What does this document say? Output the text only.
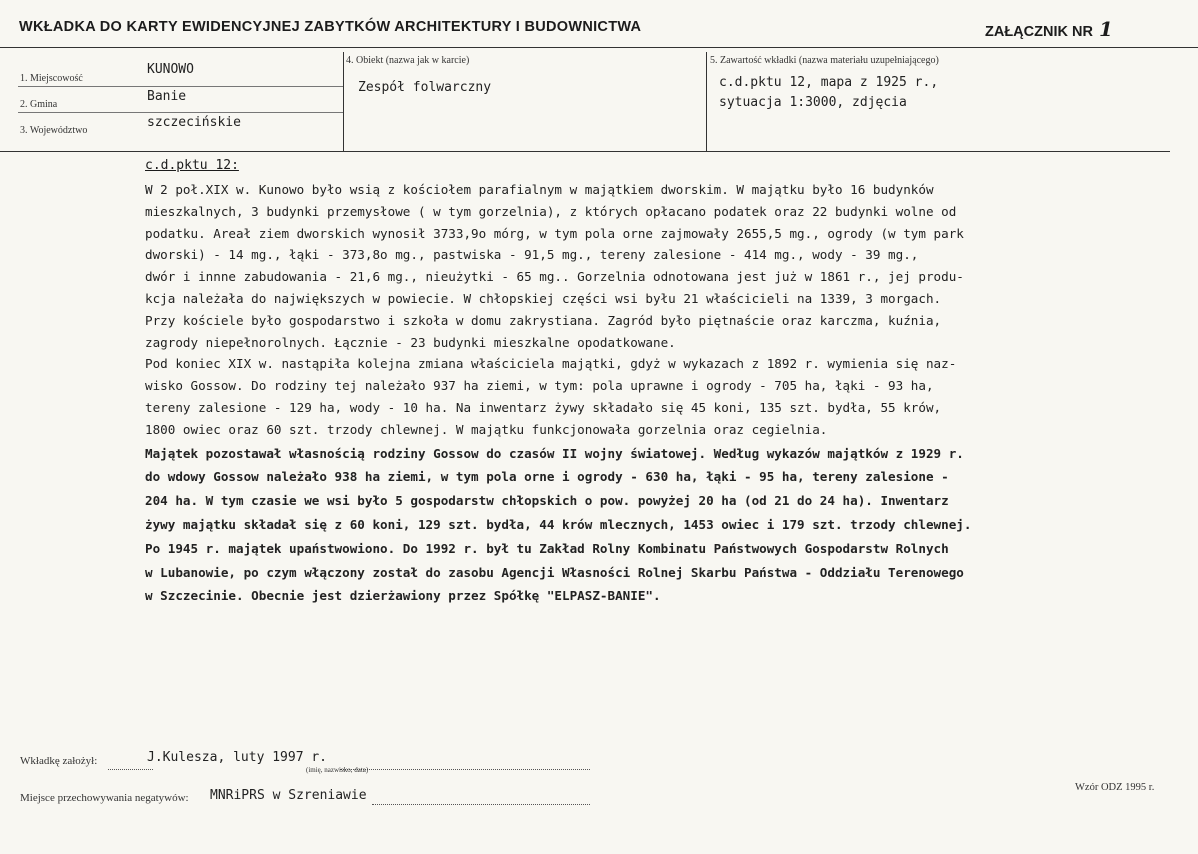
WKŁADKA DO KARTY EWIDENCYJNEJ ZABYTKÓW ARCHITEKTURY I BUDOWNICTWA	ZAŁĄCZNIK NR 1
1. Miejscowość
KUNOWO
2. Gmina
Banie
3. Województwo
szczecińskie
4. Obiekt (nazwa jak w karcie)
Zespół folwarczny
5. Zawartość wkładki (nazwa materiału uzupełniającego)
c.d.pktu 12, mapa z 1925 r.,
sytuacja 1:3000, zdjęcia
c.d.pktu 12:
W 2 poł.XIX w. Kunowo było wsią z kościołem parafialnym w majątkiem dworskim. W majątku było 16 budynków
mieszkalnych, 3 budynki przemysłowe ( w tym gorzelnia), z których opłacano podatek oraz 22 budynki wolne od
podatku. Areał ziem dworskich wynosił 3733,9o mórg, w tym pola orne zajmowały 2655,5 mg., ogrody (w tym park
dworski) - 14 mg., łąki - 373,8o mg., pastwiska - 91,5 mg., tereny zalesione - 414 mg., wody - 39 mg.,
dwór i innne zabudowania - 21,6 mg., nieużytki - 65 mg.. Gorzelnia odnotowana jest już w 1861 r., jej produ-
kcja należała do największych w powiecie. W chłopskiej części wsi byłu 21 właścicieli na 1339, 3 morgach.
Przy kościele było gospodarstwo i szkoła w domu zakrystiana. Zagród było piętnaście oraz karczma, kuźnia,
zagrody niepełnorolnych. Łącznie - 23 budynki mieszkalne opodatkowane.
Pod koniec XIX w. nastąpiła kolejna zmiana właściciela majątki, gdyż w wykazach z 1892 r. wymienia się naz-
wisko Gossow. Do rodziny tej należało 937 ha ziemi, w tym: pola uprawne i ogrody - 705 ha, łąki - 93 ha,
tereny zalesione - 129 ha, wody - 10 ha. Na inwentarz żywy składało się 45 koni, 135 szt. bydła, 55 krów,
1800 owiec oraz 60 szt. trzody chlewnej. W majątku funkcjonowała gorzelnia oraz cegielnia.
Majątek pozostawał własnością rodziny Gossow do czasów II wojny światowej. Według wykazów majątków z 1929 r.
do wdowy Gossow należało 938 ha ziemi, w tym pola orne i ogrody - 630 ha, łąki - 95 ha, tereny zalesione -
204 ha. W tym czasie we wsi było 5 gospodarstw chłopskich o pow. powyżej 20 ha (od 21 do 24 ha). Inwentarz
żywy majątku składał się z 60 koni, 129 szt. bydła, 44 krów mlecznych, 1453 owiec i 179 szt. trzody chlewnej.
Po 1945 r. majątek upaństwowiono. Do 1992 r. był tu Zakład Rolny Kombinatu Państwowych Gospodarstw Rolnych
w Lubanowie, po czym włączony został do zasobu Agencji Własności Rolnej Skarbu Państwa - Oddziału Terenowego
w Szczecinie. Obecnie jest dzierżawiony przez Spółkę "ELPASZ-BANIE".
Wkładkę założył:	J.Kulesza, luty 1997 r.
(imię, nazwisko, data)
Miejsce przechowywania negatywów: MNRiPRS w Szreniawie
Wzór ODZ 1995 r.
